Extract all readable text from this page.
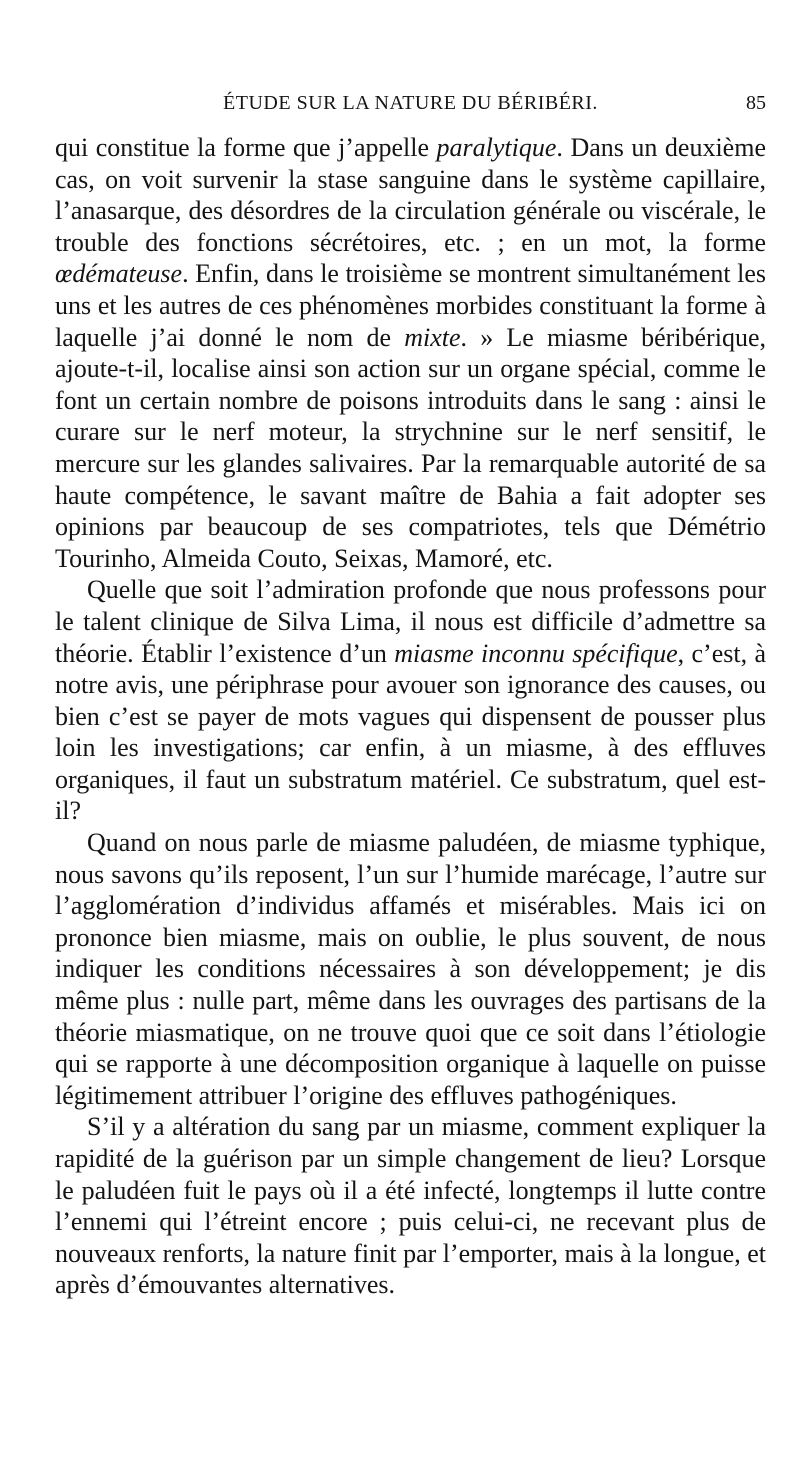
ÉTUDE SUR LA NATURE DU BÉRIBÉRI.	85

qui constitue la forme que j’appelle paralytique. Dans un deuxième cas, on voit survenir la stase sanguine dans le système capillaire, l’anasarque, des désordres de la circulation générale ou viscérale, le trouble des fonctions sécrétoires, etc. ; en un mot, la forme œdémateuse. Enfin, dans le troisième se montrent simultanément les uns et les autres de ces phénomènes morbides constituant la forme à laquelle j’ai donné le nom de mixte. » Le miasme béribérique, ajoute-t-il, localise ainsi son action sur un organe spécial, comme le font un certain nombre de poisons introduits dans le sang : ainsi le curare sur le nerf moteur, la strychnine sur le nerf sensitif, le mercure sur les glandes salivaires. Par la remarquable autorité de sa haute compétence, le savant maître de Bahia a fait adopter ses opinions par beaucoup de ses compatriotes, tels que Démétrio Tourinho, Almeida Couto, Seixas, Mamoré, etc.

Quelle que soit l’admiration profonde que nous professons pour le talent clinique de Silva Lima, il nous est difficile d’admettre sa théorie. Établir l’existence d’un miasme inconnu spécifique, c’est, à notre avis, une périphrase pour avouer son ignorance des causes, ou bien c’est se payer de mots vagues qui dispensent de pousser plus loin les investigations; car enfin, à un miasme, à des effluves organiques, il faut un substratum matériel. Ce substratum, quel est-il?

Quand on nous parle de miasme paludéen, de miasme typhique, nous savons qu’ils reposent, l’un sur l’humide marécage, l’autre sur l’agglomération d’individus affamés et misérables. Mais ici on prononce bien miasme, mais on oublie, le plus souvent, de nous indiquer les conditions nécessaires à son développement; je dis même plus : nulle part, même dans les ouvrages des partisans de la théorie miasmatique, on ne trouve quoi que ce soit dans l’étiologie qui se rapporte à une décomposition organique à laquelle on puisse légitimement attribuer l’origine des effluves pathogéniques.

S’il y a altération du sang par un miasme, comment expliquer la rapidité de la guérison par un simple changement de lieu? Lorsque le paludéen fuit le pays où il a été infecté, longtemps il lutte contre l’ennemi qui l’étreint encore ; puis celui-ci, ne recevant plus de nouveaux renforts, la nature finit par l’emporter, mais à la longue, et après d’émouvantes alternatives.
